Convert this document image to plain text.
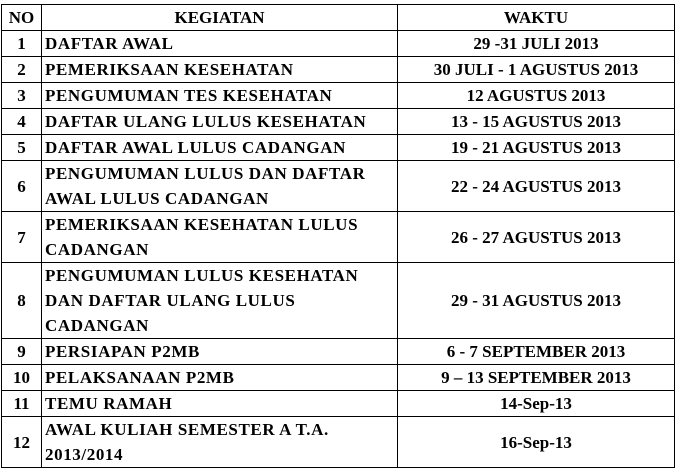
NO	KEGIATAN	WAKTU
1	DAFTAR AWAL	29 -31 JULI 2013
2	PEMERIKSAAN KESEHATAN	30 JULI - 1 AGUSTUS 2013
3	PENGUMUMAN TES KESEHATAN	12 AGUSTUS 2013
4	DAFTAR ULANG LULUS KESEHATAN	13 - 15 AGUSTUS 2013
5	DAFTAR AWAL LULUS CADANGAN	19 - 21 AGUSTUS 2013
6	PENGUMUMAN LULUS DAN DAFTAR AWAL LULUS CADANGAN	22 - 24 AGUSTUS 2013
7	PEMERIKSAAN KESEHATAN LULUS CADANGAN	26 - 27 AGUSTUS 2013
8	PENGUMUMAN LULUS KESEHATAN DAN DAFTAR ULANG LULUS CADANGAN	29 - 31 AGUSTUS 2013
9	PERSIAPAN P2MB	6 - 7 SEPTEMBER 2013
10	PELAKSANAAN P2MB	9 – 13 SEPTEMBER 2013
11	TEMU RAMAH	14-Sep-13
12	AWAL KULIAH SEMESTER A T.A. 2013/2014	16-Sep-13
